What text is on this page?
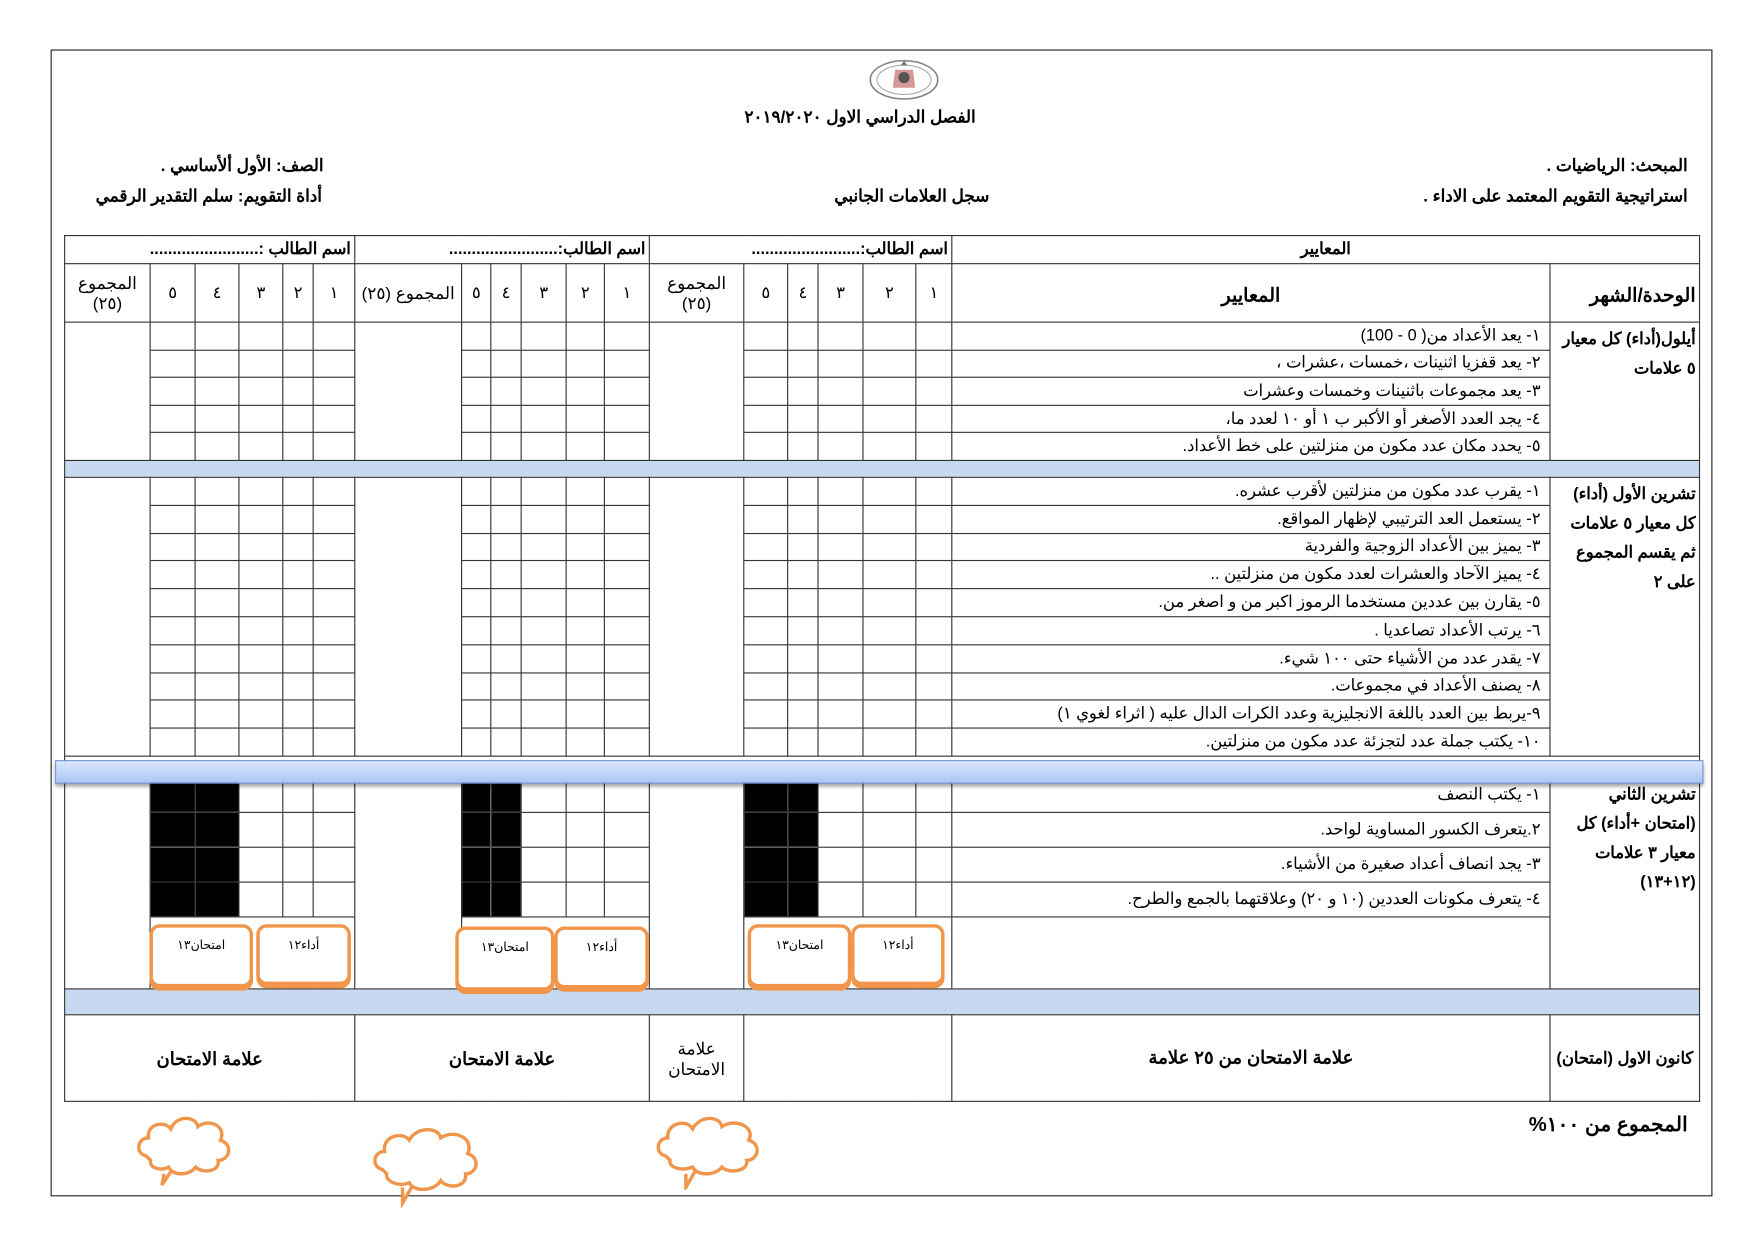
الفصل الدراسي الاول ٢٠١٩/٢٠٢٠
المبحث: الرياضيات .
الصف: الأول ألأساسي .
استراتيجية التقويم المعتمد على الاداء .
سجل العلامات الجانبي
أداة التقويم: سلم التقدير الرقمي
المعايير		اسم الطالب:........................						اسم الطالب:........................						اسم الطالب :........................					
الوحدة/الشهر	المعايير	١	٢	٣	٤	٥	المجموع (٢٥)	١	٢	٣	٤	٥	المجموع (٢٥)	١	٢	٣	٤	٥	المجموع (٢٥)
أيلول(أداء) كل معيار ٥ علامات	١- يعد الأعداد من( 0 - 100)																		
	٢- يعد قفزيا اثنينات ،خمسات ،عشرات ،																		
	٣- يعد مجموعات باثنينات وخمسات وعشرات																		
	٤- يجد العدد الأصغر أو الأكبر ب ١ أو ١٠ لعدد ما،																		
	٥- يحدد مكان عدد مكون من منزلتين على خط الأعداد.																		

تشرين الأول (أداء) كل معيار ٥ علامات ثم يقسم المجموع على ٢	١- يقرب عدد مكون من منزلتين لأقرب عشره.																		
	٢- يستعمل العد الترتيبي لإظهار المواقع.																		
	٣- يميز بين الأعداد الزوجية والفردية																		
	٤- يميز الآحاد والعشرات لعدد مكون من منزلتين ..																		
	٥- يقارن بين عددين مستخدما الرموز اكبر من و اصغر من.																		
	٦- يرتب الأعداد تصاعديا .																		
	٧- يقدر عدد من الأشياء حتى ١٠٠ شيء.																		
	٨- يصنف الأعداد في مجموعات.																		
	٩-يربط بين العدد باللغة الانجليزية وعدد الكرات الدال عليه ( اثراء لغوي ١)																		
	١٠- يكتب جملة عدد لتجزئة عدد مكون من منزلتين.																		

تشرين الثاني (امتحان +أداء) كل معيار ٣ علامات (١٢+١٣)	١- يكتب النصف																		
	٢.يتعرف الكسور المساوية لواحد.																		
	٣- يجد انصاف أعداد صغيرة من الأشياء.																		
	٤- يتعرف مكونات العددين (١٠ و ٢٠) وعلاقتهما بالجمع والطرح.																		

كانون الاول (امتحان)	علامة الامتحان من ٢٥ علامة						علامة الامتحان	علامة الامتحان						علامة الامتحان					
امتحان١٣	أداء١٢
امتحان١٣	أداء١٢
امتحان١٣	أداء١٢
المجموع من ١٠٠%
